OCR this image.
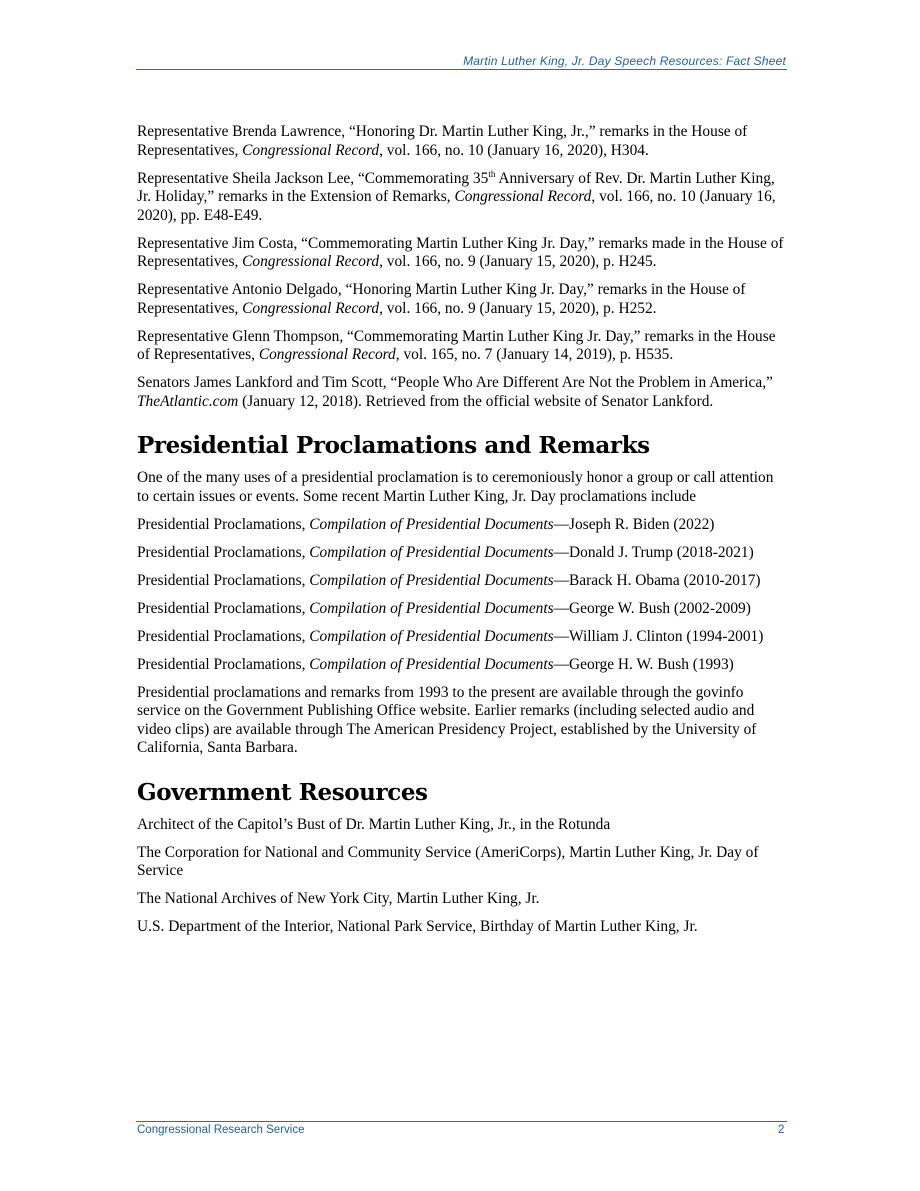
Martin Luther King, Jr. Day Speech Resources: Fact Sheet

Representative Brenda Lawrence, “Honoring Dr. Martin Luther King, Jr.,” remarks in the House of Representatives, Congressional Record, vol. 166, no. 10 (January 16, 2020), H304.

Representative Sheila Jackson Lee, “Commemorating 35th Anniversary of Rev. Dr. Martin Luther King, Jr. Holiday,” remarks in the Extension of Remarks, Congressional Record, vol. 166, no. 10 (January 16, 2020), pp. E48-E49.

Representative Jim Costa, “Commemorating Martin Luther King Jr. Day,” remarks made in the House of Representatives, Congressional Record, vol. 166, no. 9 (January 15, 2020), p. H245.

Representative Antonio Delgado, “Honoring Martin Luther King Jr. Day,” remarks in the House of Representatives, Congressional Record, vol. 166, no. 9 (January 15, 2020), p. H252.

Representative Glenn Thompson, “Commemorating Martin Luther King Jr. Day,” remarks in the House of Representatives, Congressional Record, vol. 165, no. 7 (January 14, 2019), p. H535.

Senators James Lankford and Tim Scott, “People Who Are Different Are Not the Problem in America,” TheAtlantic.com (January 12, 2018). Retrieved from the official website of Senator Lankford.

Presidential Proclamations and Remarks

One of the many uses of a presidential proclamation is to ceremoniously honor a group or call attention to certain issues or events. Some recent Martin Luther King, Jr. Day proclamations include

Presidential Proclamations, Compilation of Presidential Documents—Joseph R. Biden (2022)

Presidential Proclamations, Compilation of Presidential Documents—Donald J. Trump (2018-2021)

Presidential Proclamations, Compilation of Presidential Documents—Barack H. Obama (2010-2017)

Presidential Proclamations, Compilation of Presidential Documents—George W. Bush (2002-2009)

Presidential Proclamations, Compilation of Presidential Documents—William J. Clinton (1994-2001)

Presidential Proclamations, Compilation of Presidential Documents—George H. W. Bush (1993)

Presidential proclamations and remarks from 1993 to the present are available through the govinfo service on the Government Publishing Office website. Earlier remarks (including selected audio and video clips) are available through The American Presidency Project, established by the University of California, Santa Barbara.

Government Resources

Architect of the Capitol’s Bust of Dr. Martin Luther King, Jr., in the Rotunda

The Corporation for National and Community Service (AmeriCorps), Martin Luther King, Jr. Day of Service

The National Archives of New York City, Martin Luther King, Jr.

U.S. Department of the Interior, National Park Service, Birthday of Martin Luther King, Jr.

Congressional Research Service	2
